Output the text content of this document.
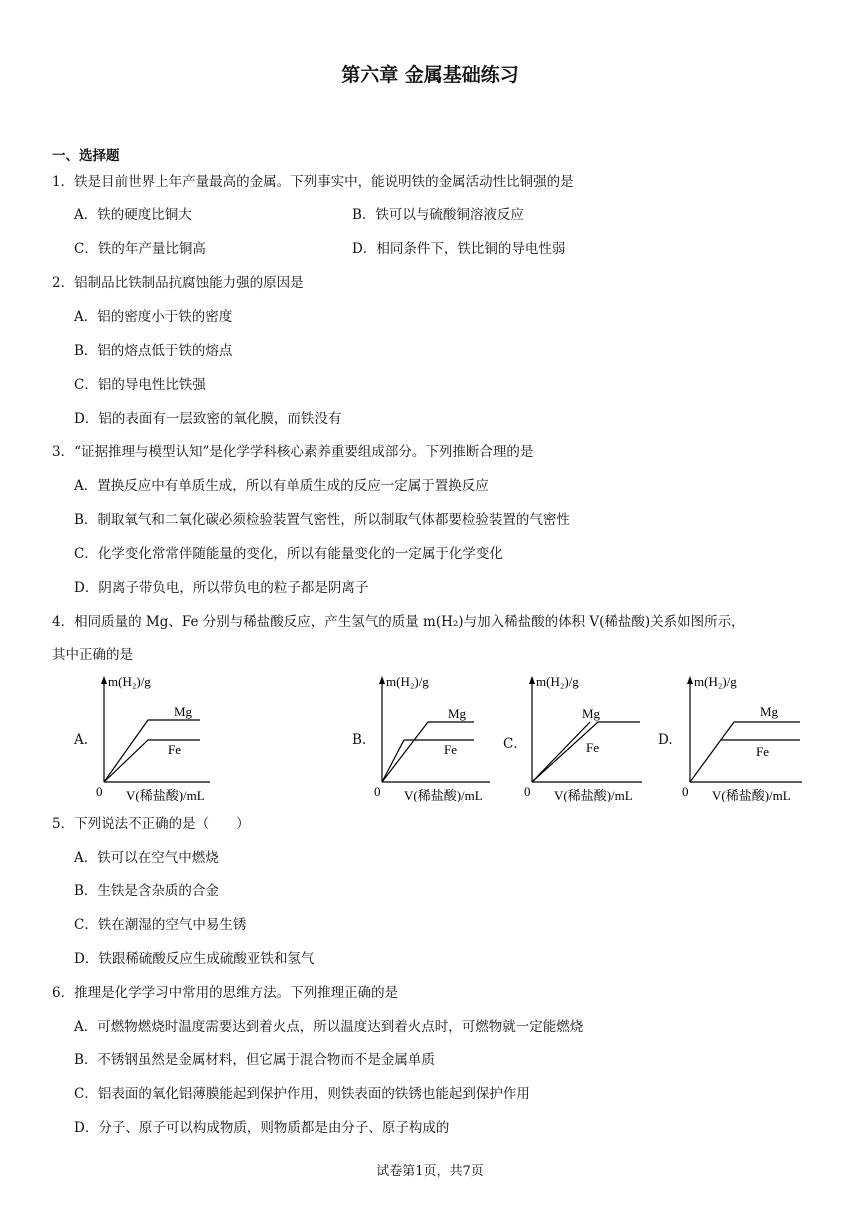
第六章 金属基础练习
一、选择题
1．铁是目前世界上年产量最高的金属。下列事实中，能说明铁的金属活动性比铜强的是
A．铁的硬度比铜大	B．铁可以与硫酸铜溶液反应
C．铁的年产量比铜高	D．相同条件下，铁比铜的导电性弱
2．铝制品比铁制品抗腐蚀能力强的原因是
A．铝的密度小于铁的密度
B．铝的熔点低于铁的熔点
C．铝的导电性比铁强
D．铝的表面有一层致密的氧化膜，而铁没有
3．“证据推理与模型认知”是化学学科核心素养重要组成部分。下列推断合理的是
A．置换反应中有单质生成，所以有单质生成的反应一定属于置换反应
B．制取氧气和二氧化碳必须检验装置气密性，所以制取气体都要检验装置的气密性
C．化学变化常常伴随能量的变化，所以有能量变化的一定属于化学变化
D．阴离子带负电，所以带负电的粒子都是阴离子
4．相同质量的 Mg、Fe 分别与稀盐酸反应，产生氢气的质量 m(H₂)与加入稀盐酸的体积 V(稀盐酸)关系如图所示，
其中正确的是
A.
m(H₂)/g
0 V(稀盐酸)/mL
Mg
Fe
B.
m(H₂)/g
0 V(稀盐酸)/mL
Mg
Fe	C．
m(H₂)/g
0 V(稀盐酸)/mL
Mg
Fe	D.
m(H₂)/g
0 V(稀盐酸)/mL
Mg
Fe
5．下列说法不正确的是（　　）
A．铁可以在空气中燃烧
B．生铁是含杂质的合金
C．铁在潮湿的空气中易生锈
D．铁跟稀硫酸反应生成硫酸亚铁和氢气
6．推理是化学学习中常用的思维方法。下列推理正确的是
A．可燃物燃烧时温度需要达到着火点，所以温度达到着火点时，可燃物就一定能燃烧
B．不锈钢虽然是金属材料，但它属于混合物而不是金属单质
C．铝表面的氧化铝薄膜能起到保护作用，则铁表面的铁锈也能起到保护作用
D．分子、原子可以构成物质，则物质都是由分子、原子构成的
试卷第1页，共7页
